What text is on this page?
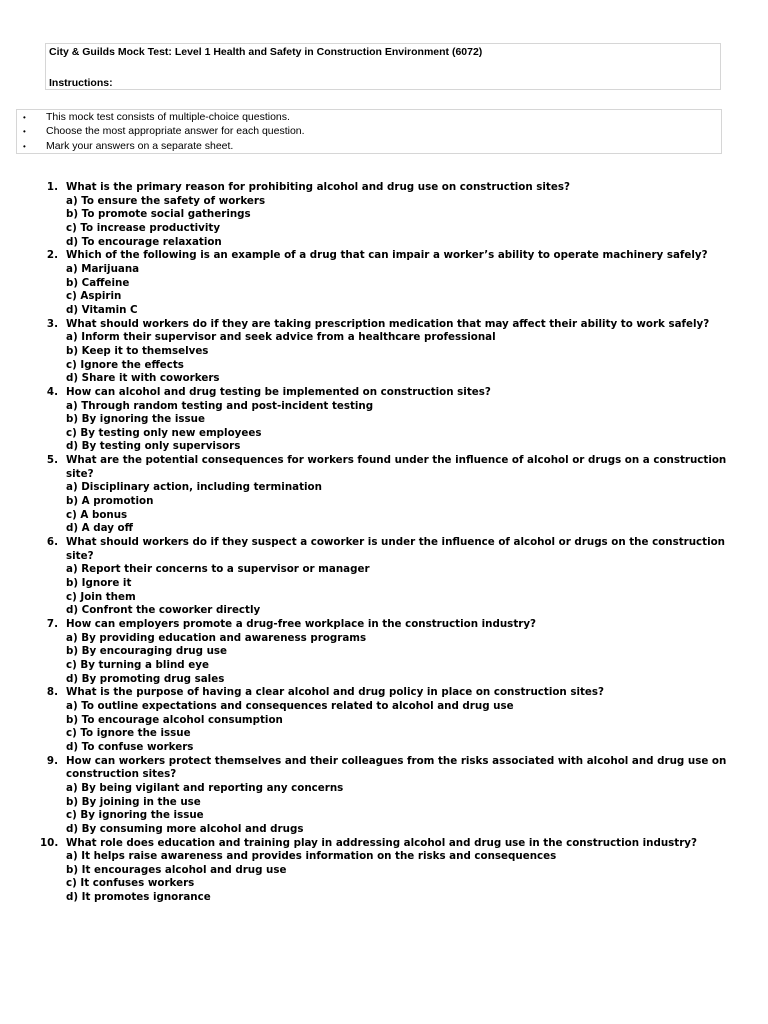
City & Guilds Mock Test: Level 1 Health and Safety in Construction Environment (6072)
Instructions:
• This mock test consists of multiple-choice questions.
• Choose the most appropriate answer for each question.
• Mark your answers on a separate sheet.
1. What is the primary reason for prohibiting alcohol and drug use on construction sites?
a) To ensure the safety of workers
b) To promote social gatherings
c) To increase productivity
d) To encourage relaxation
2. Which of the following is an example of a drug that can impair a worker’s ability to operate machinery safely?
a) Marijuana
b) Caffeine
c) Aspirin
d) Vitamin C
3. What should workers do if they are taking prescription medication that may affect their ability to work safely?
a) Inform their supervisor and seek advice from a healthcare professional
b) Keep it to themselves
c) Ignore the effects
d) Share it with coworkers
4. How can alcohol and drug testing be implemented on construction sites?
a) Through random testing and post-incident testing
b) By ignoring the issue
c) By testing only new employees
d) By testing only supervisors
5. What are the potential consequences for workers found under the influence of alcohol or drugs on a construction site?
a) Disciplinary action, including termination
b) A promotion
c) A bonus
d) A day off
6. What should workers do if they suspect a coworker is under the influence of alcohol or drugs on the construction site?
a) Report their concerns to a supervisor or manager
b) Ignore it
c) Join them
d) Confront the coworker directly
7. How can employers promote a drug-free workplace in the construction industry?
a) By providing education and awareness programs
b) By encouraging drug use
c) By turning a blind eye
d) By promoting drug sales
8. What is the purpose of having a clear alcohol and drug policy in place on construction sites?
a) To outline expectations and consequences related to alcohol and drug use
b) To encourage alcohol consumption
c) To ignore the issue
d) To confuse workers
9. How can workers protect themselves and their colleagues from the risks associated with alcohol and drug use on construction sites?
a) By being vigilant and reporting any concerns
b) By joining in the use
c) By ignoring the issue
d) By consuming more alcohol and drugs
10. What role does education and training play in addressing alcohol and drug use in the construction industry?
a) It helps raise awareness and provides information on the risks and consequences
b) It encourages alcohol and drug use
c) It confuses workers
d) It promotes ignorance
